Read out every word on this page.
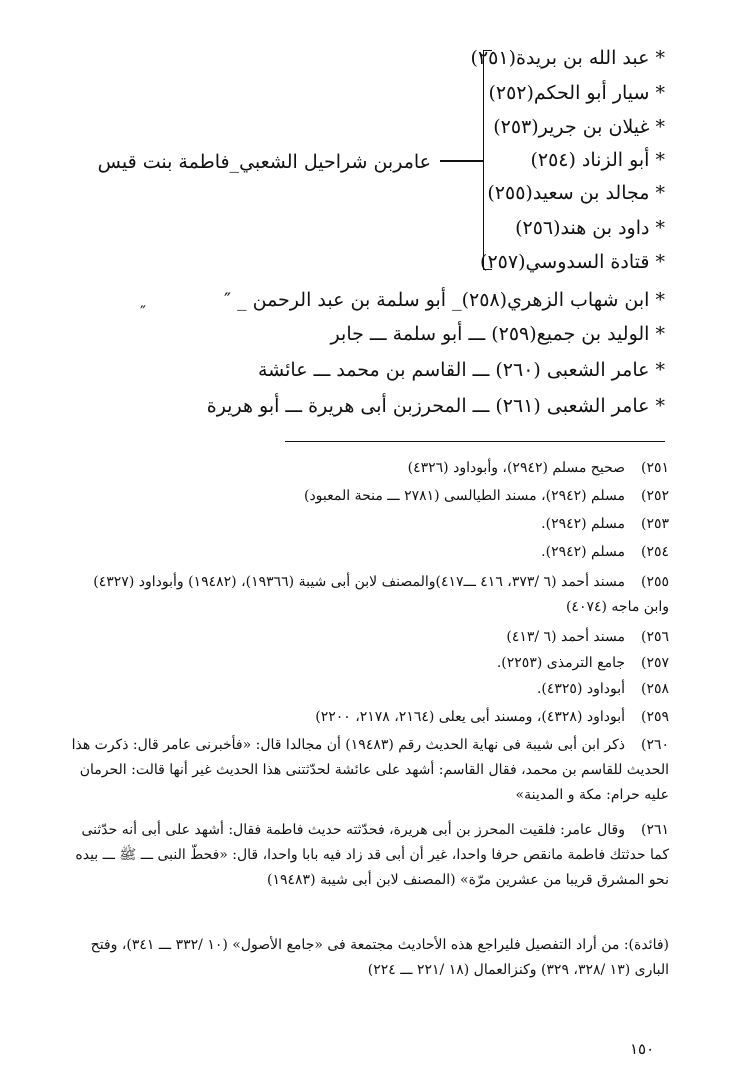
* عبد الله بن بريدة(٢٥١)
* سيار أبو الحكم(٢٥٢)
* غيلان بن جرير(٢٥٣)
* أبو الزناد (٢٥٤)
* مجالد بن سعيد(٢٥٥)
* داود بن هند(٢٥٦)
* قتادة السدوسي(٢٥٧)
عامربن شراحيل الشعبي_فاطمة بنت قيس
* ابن شهاب الزهري(٢٥٨)_ أبو سلمة بن عبد الرحمن _ ″
* الوليد بن جميع(٢٥٩) ـــ أبو سلمة ـــ جابر
* عامر الشعبى (٢٦٠) ـــ القاسم بن محمد ـــ عائشة
* عامر الشعبى (٢٦١) ـــ المحرزبن أبى هريرة ـــ أبو هريرة
٢٥١)صحيح مسلم (٢٩٤٢)، وأبوداود (٤٣٢٦)
٢٥٢)مسلم (٢٩٤٢)، مسند الطيالسى (٢٧٨١ ـــ منحة المعبود)
٢٥٣)مسلم (٢٩٤٢).
٢٥٤)مسلم (٢٩٤٢).
٢٥٥)مسند أحمد (٦ /٣٧٣، ٤١٦ ـــ٤١٧)والمصنف لابن أبى شيبة (١٩٣٦٦)، (١٩٤٨٢) وأبوداود (٤٣٢٧) وابن ماجه (٤٠٧٤)
٢٥٦)مسند أحمد (٦ /٤١٣)
٢٥٧)جامع الترمذى (٢٢٥٣).
٢٥٨)أبوداود (٤٣٢٥).
٢٥٩)أبوداود (٤٣٢٨)، ومسند أبى يعلى (٢١٦٤، ٢١٧٨، ٢٢٠٠)
٢٦٠)ذكر ابن أبى شيبة فى نهاية الحديث رقم (١٩٤٨٣) أن مجالدا قال: «فأخبرنى عامر قال: ذكرت هذا الحديث للقاسم بن محمد، فقال القاسم: أشهد على عائشة لحدّثتنى هذا الحديث غير أنها قالت: الحرمان عليه حرام: مكة و المدينة»
٢٦١)وقال عامر: فلقيت المحرز بن أبى هريرة، فحدّثته حديث فاطمة فقال: أشهد على أبى أنه حدّثنى كما حدثتك فاطمة مانقص حرفا واحدا، غير أن أبى قد زاد فيه بابا واحدا، قال: «فحطّ النبى ـــ ﷺ ـــ بيده نحو المشرق قريبا من عشرين مرّة» (المصنف لابن أبى شيبة (١٩٤٨٣)
(فائدة): من أراد التفصيل فليراجع هذه الأحاديث مجتمعة فى «جامع الأصول» (١٠ /٣٣٢ ـــ ٣٤١)، وفتح البارى (١٣ /٣٢٨، ٣٢٩) وكنزالعمال (١٨ /٢٢١ ـــ ٢٢٤)
١٥٠
″
